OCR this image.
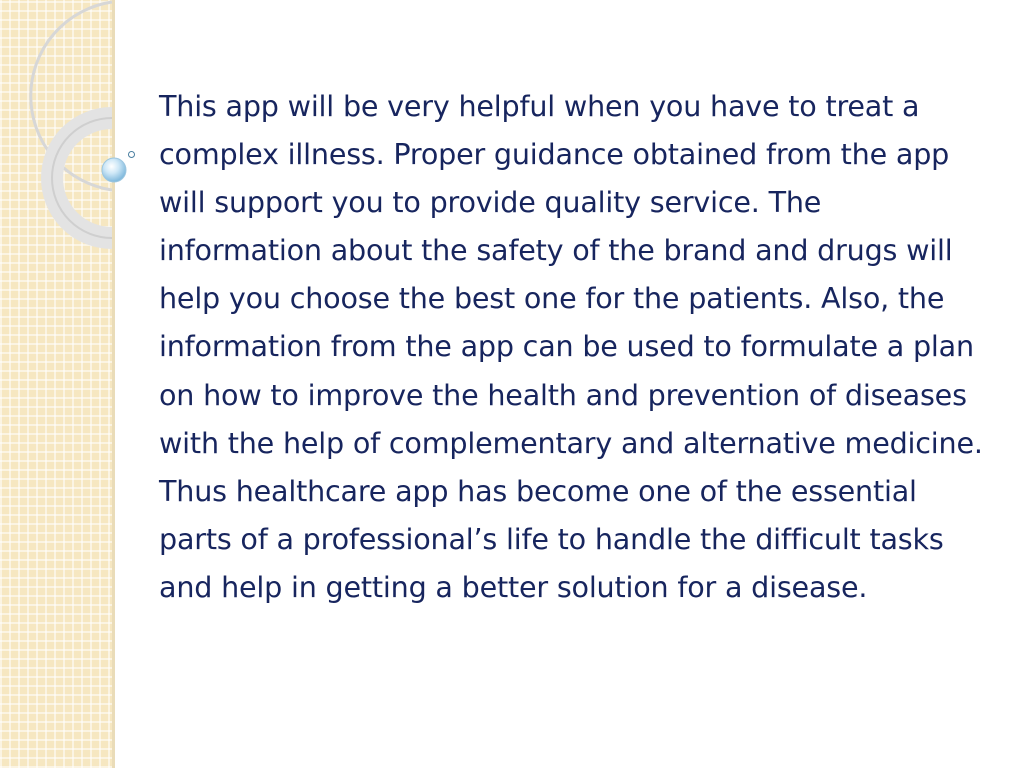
This app will be very helpful when you have to treat a complex illness. Proper guidance obtained from the app will support you to provide quality service. The information about the safety of the brand and drugs will help you choose the best one for the patients. Also, the information from the app can be used to formulate a plan on how to improve the health and prevention of diseases with the help of complementary and alternative medicine. Thus healthcare app has become one of the essential parts of a professional’s life to handle the difficult tasks and help in getting a better solution for a disease.
